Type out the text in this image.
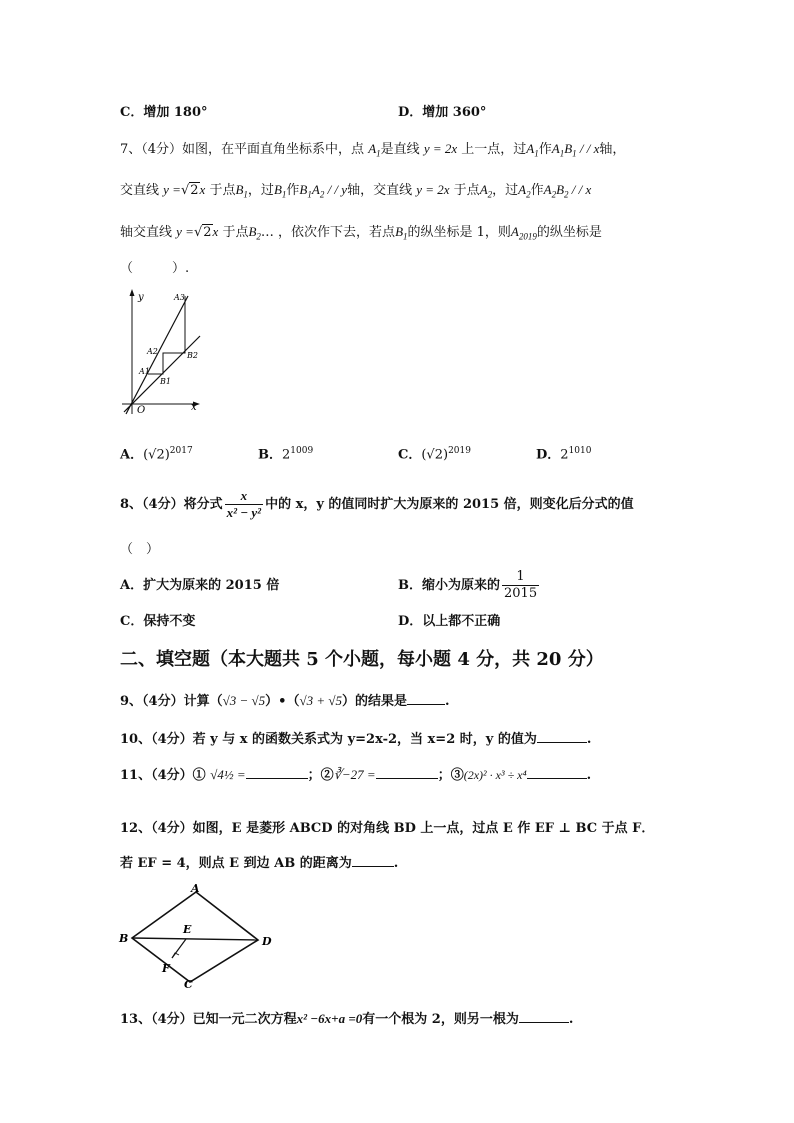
C．增加 180°	D．增加 360°
7、（4分）如图，在平面直角坐标系中，点 $A_1$是直线 y = 2x 上一点，过$A_1$作$A_1B_1$ / / x轴，
交直线 y =√2x 于点$B_1$，过$B_1$作$B_1A_2$ / / y轴，交直线 y = 2x 于点$A_2$，过$A_2$作$A_2B_2$ / / x
轴交直线 y =√2x 于点$B_2\dots$ ，依次作下去，若点$B_1$的纵坐标是 1，则$A_{2019}$的纵坐标是
（　　　）.
y
x
O
A1
B1
A2	B2
A3
A．$(√2)^{2017}$	B．$2^{1009}$	C．$(√2)^{2019}$	D．$2^{1010}$
8、（4分）将分式 $\frac{x}{\text{x² − y²}}$ 中的 x，y 的值同时扩大为原来的 2015 倍，则变化后分式的值
（　）
A．扩大为原来的 2015 倍	B．缩小为原来的 $\frac{1}{2015}$
C．保持不变	D．以上都不正确
二、填空题（本大题共 5 个小题，每小题 4 分，共 20 分）
9、（4分）计算（√3 − √5）•（√3 + √5）的结果是	.
10、（4分）若 y 与 x 的函数关系式为 y=2x-2，当 x=2 时，y 的值为	.
11、（4分）① √4½ =	；②∛−27 =	；③(2x)² · x³ ÷ x⁴	.
12、（4分）如图，E 是菱形 ABCD 的对角线 BD 上一点，过点 E 作 EF ⊥ BC 于点 F．
若 EF = 4，则点 E 到边 AB 的距离为	.
A
B
C
D
E
F
13、（4分）已知一元二次方程x² −6x+a =0有一个根为 2，则另一根为	.
